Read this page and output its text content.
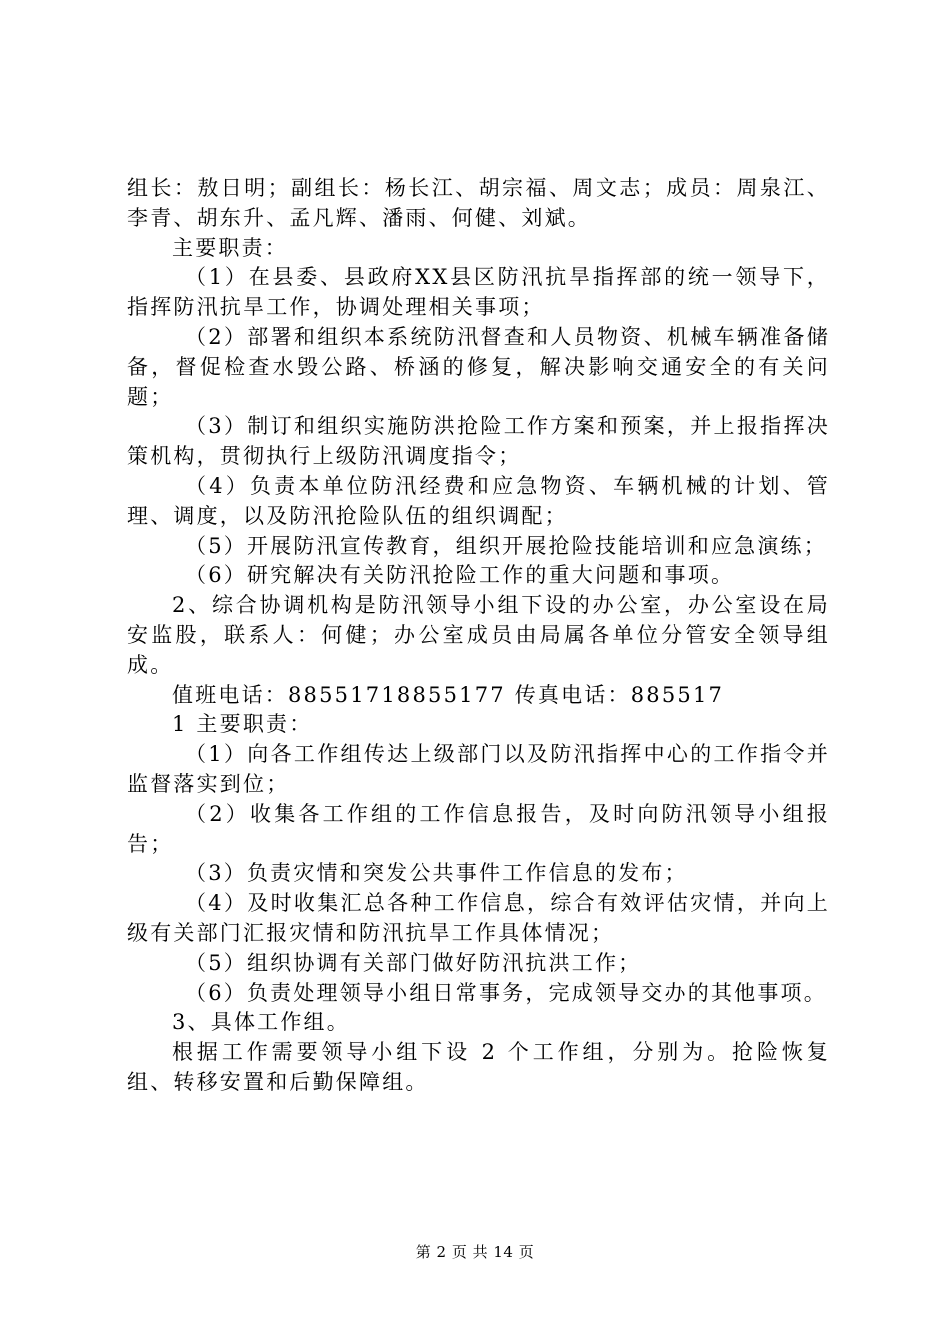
组长：敖日明；副组长：杨长江、胡宗福、周文志；成员：周泉江、李青、胡东升、孟凡辉、潘雨、何健、刘斌。

主要职责：

（1）在县委、县政府XX县区防汛抗旱指挥部的统一领导下，指挥防汛抗旱工作，协调处理相关事项；

（2）部署和组织本系统防汛督查和人员物资、机械车辆准备储备，督促检查水毁公路、桥涵的修复，解决影响交通安全的有关问题；

（3）制订和组织实施防洪抢险工作方案和预案，并上报指挥决策机构，贯彻执行上级防汛调度指令；

（4）负责本单位防汛经费和应急物资、车辆机械的计划、管理、调度，以及防汛抢险队伍的组织调配；

（5）开展防汛宣传教育，组织开展抢险技能培训和应急演练；

（6）研究解决有关防汛抢险工作的重大问题和事项。

2、综合协调机构是防汛领导小组下设的办公室，办公室设在局安监股，联系人：何健；办公室成员由局属各单位分管安全领导组成。

值班电话：88551718855177 传真电话：885517

1 主要职责：

（1）向各工作组传达上级部门以及防汛指挥中心的工作指令并监督落实到位；

（2）收集各工作组的工作信息报告，及时向防汛领导小组报告；

（3）负责灾情和突发公共事件工作信息的发布；

（4）及时收集汇总各种工作信息，综合有效评估灾情，并向上级有关部门汇报灾情和防汛抗旱工作具体情况；

（5）组织协调有关部门做好防汛抗洪工作；

（6）负责处理领导小组日常事务，完成领导交办的其他事项。

3、具体工作组。

根据工作需要领导小组下设 2 个工作组，分别为。抢险恢复组、转移安置和后勤保障组。

第 2 页 共 14 页
